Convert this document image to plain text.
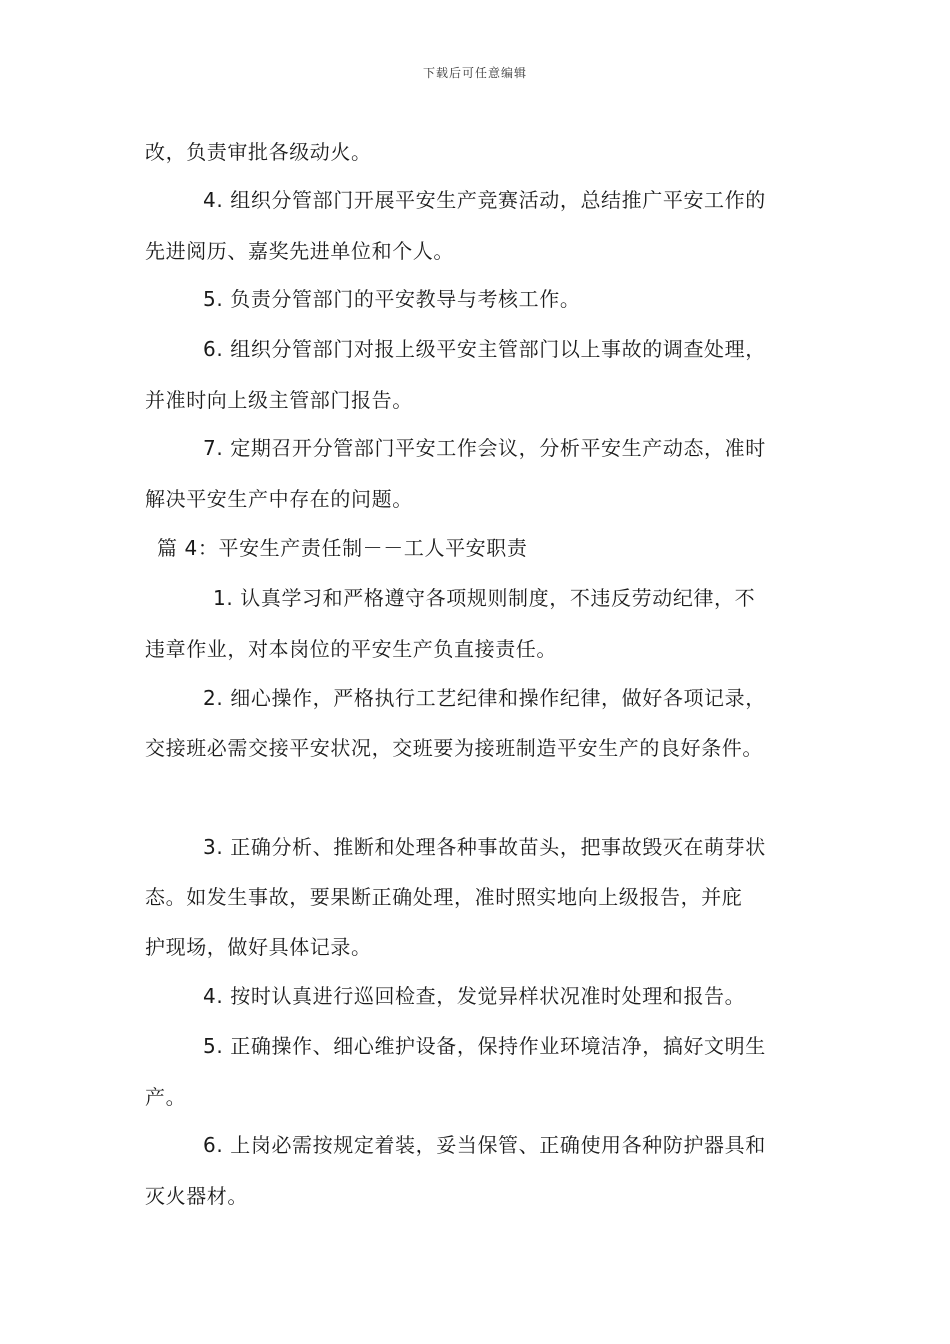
下载后可任意编辑
改，负责审批各级动火。
4. 组织分管部门开展平安生产竞赛活动，总结推广平安工作的
先进阅历、嘉奖先进单位和个人。
5. 负责分管部门的平安教导与考核工作。
6. 组织分管部门对报上级平安主管部门以上事故的调查处理，
并准时向上级主管部门报告。
7. 定期召开分管部门平安工作会议，分析平安生产动态，准时
解决平安生产中存在的问题。
篇 4：平安生产责任制－－工人平安职责
1. 认真学习和严格遵守各项规则制度，不违反劳动纪律，不
违章作业，对本岗位的平安生产负直接责任。
2. 细心操作，严格执行工艺纪律和操作纪律，做好各项记录，
交接班必需交接平安状况，交班要为接班制造平安生产的良好条件。
3. 正确分析、推断和处理各种事故苗头，把事故毁灭在萌芽状
态。如发生事故，要果断正确处理，准时照实地向上级报告，并庇
护现场，做好具体记录。
4. 按时认真进行巡回检查，发觉异样状况准时处理和报告。
5. 正确操作、细心维护设备，保持作业环境洁净，搞好文明生
产。
6. 上岗必需按规定着装，妥当保管、正确使用各种防护器具和
灭火器材。
